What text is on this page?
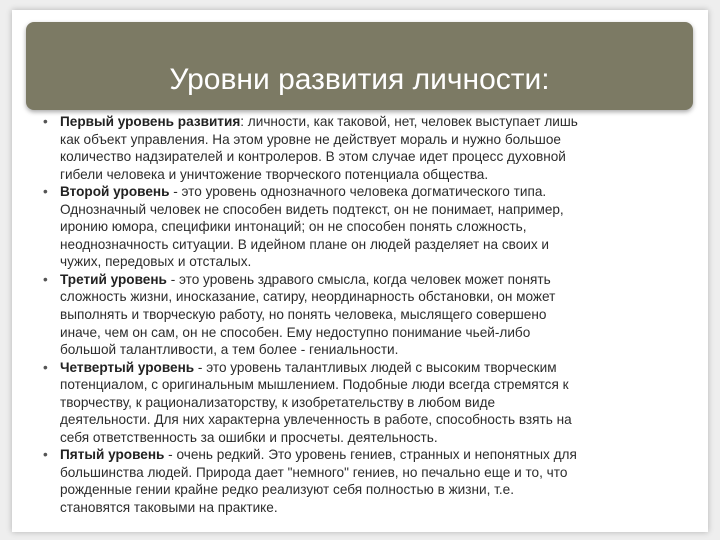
Уровни развития личности:
• Первый уровень развития: личности, как таковой, нет, человек выступает лишь
как объект управления. На этом уровне не действует мораль и нужно большое
количество надзирателей и контролеров. В этом случае идет процесс духовной
гибели человека и уничтожение творческого потенциала общества.
• Второй уровень - это уровень однозначного человека догматического типа.
Однозначный человек не способен видеть подтекст, он не понимает, например,
иронию юмора, специфики интонаций; он не способен понять сложность,
неоднозначность ситуации. В идейном плане он людей разделяет на своих и
чужих, передовых и отсталых.
• Третий уровень - это уровень здравого смысла, когда человек может понять
сложность жизни, иносказание, сатиру, неординарность обстановки, он может
выполнять и творческую работу, но понять человека, мыслящего совершено
иначе, чем он сам, он не способен. Ему недоступно понимание чьей-либо
большой талантливости, а тем более - гениальности.
• Четвертый уровень - это уровень талантливых людей с высоким творческим
потенциалом, с оригинальным мышлением. Подобные люди всегда стремятся к
творчеству, к рационализаторству, к изобретательству в любом виде
деятельности. Для них характерна увлеченность в работе, способность взять на
себя ответственность за ошибки и просчеты. деятельность.
• Пятый уровень - очень редкий. Это уровень гениев, странных и непонятных для
большинства людей. Природа дает "немного" гениев, но печально еще и то, что
рожденные гении крайне редко реализуют себя полностью в жизни, т.е.
становятся таковыми на практике.
